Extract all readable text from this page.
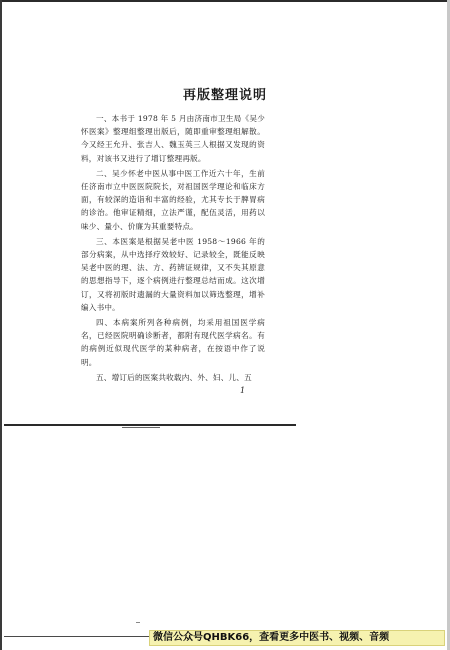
再版整理说明

一、本书于 1978 年 5 月由济南市卫生局《吴少怀医案》整理组整理出版后，随即重审整理组解散。今又经王允升、张吉人、魏玉英三人根据又发现的资料，对该书又进行了增订整理再版。

二、吴少怀老中医从事中医工作近六十年，生前任济南市立中医医院院长，对祖国医学理论和临床方面，有较深的造诣和丰富的经验，尤其专长于脾胃病的诊治。他审证精细，立法严谨，配伍灵活，用药以味少、量小、价廉为其重要特点。

三、本医案是根据吴老中医 1958～1966 年的部分病案，从中选择疗效较好、记录较全，既能反映吴老中医的理、法、方、药辨证规律，又不失其原意的思想指导下，逐个病例进行整理总结而成。这次增订，又将初版时遗漏的大量资料加以筛选整理，增补编入书中。

四、本病案所列各种病例，均采用祖国医学病名，已经医院明确诊断者，都附有现代医学病名。有的病例近似现代医学的某种病者，在按语中作了说明。

五、增订后的医案共收载内、外、妇、儿、五

1
微信公众号QHBK66，查看更多中医书、视频、音频
